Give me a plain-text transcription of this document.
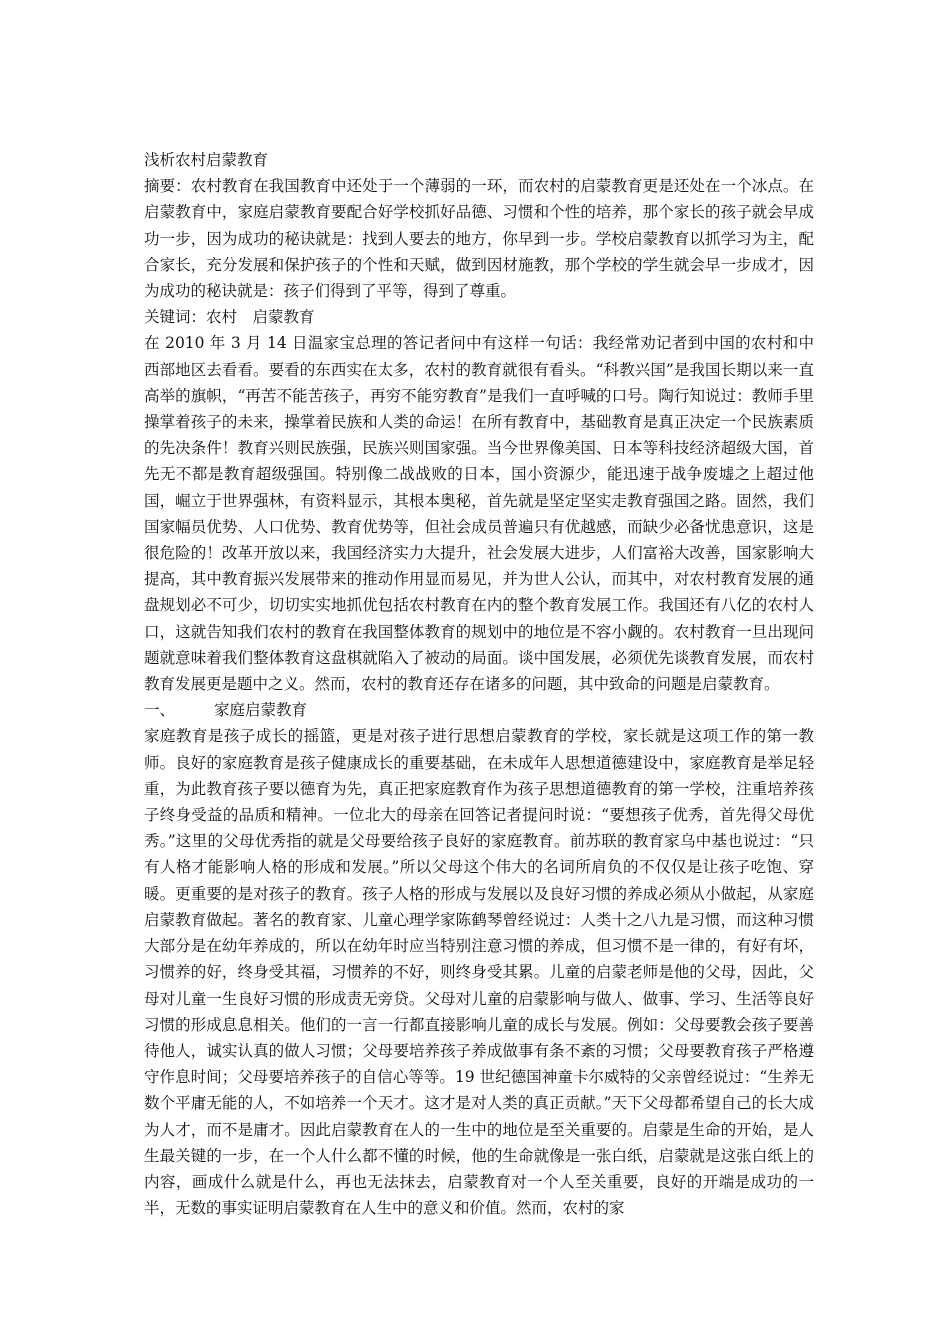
浅析农村启蒙教育

摘要：农村教育在我国教育中还处于一个薄弱的一环，而农村的启蒙教育更是还处在一个冰点。在启蒙教育中，家庭启蒙教育要配合好学校抓好品德、习惯和个性的培养，那个家长的孩子就会早成功一步，因为成功的秘诀就是：找到人要去的地方，你早到一步。学校启蒙教育以抓学习为主，配合家长，充分发展和保护孩子的个性和天赋，做到因材施教，那个学校的学生就会早一步成才，因为成功的秘诀就是：孩子们得到了平等，得到了尊重。

关键词：农村　启蒙教育

在 2010 年 3 月 14 日温家宝总理的答记者问中有这样一句话：我经常劝记者到中国的农村和中西部地区去看看。要看的东西实在太多，农村的教育就很有看头。“科教兴国”是我国长期以来一直高举的旗帜，“再苦不能苦孩子，再穷不能穷教育”是我们一直呼喊的口号。陶行知说过：教师手里操掌着孩子的未来，操掌着民族和人类的命运！在所有教育中，基础教育是真正决定一个民族素质的先决条件！教育兴则民族强，民族兴则国家强。当今世界像美国、日本等科技经济超级大国，首先无不都是教育超级强国。特别像二战战败的日本，国小资源少，能迅速于战争废墟之上超过他国，崛立于世界强林，有资料显示，其根本奥秘，首先就是坚定坚实走教育强国之路。固然，我们国家幅员优势、人口优势、教育优势等，但社会成员普遍只有优越感，而缺少必备忧患意识，这是很危险的！改革开放以来，我国经济实力大提升，社会发展大进步，人们富裕大改善，国家影响大提高，其中教育振兴发展带来的推动作用显而易见，并为世人公认，而其中，对农村教育发展的通盘规划必不可少，切切实实地抓优包括农村教育在内的整个教育发展工作。我国还有八亿的农村人口，这就告知我们农村的教育在我国整体教育的规划中的地位是不容小觑的。农村教育一旦出现问题就意味着我们整体教育这盘棋就陷入了被动的局面。谈中国发展，必须优先谈教育发展，而农村教育发展更是题中之义。然而，农村的教育还存在诸多的问题，其中致命的问题是启蒙教育。

一、	家庭启蒙教育

家庭教育是孩子成长的摇篮，更是对孩子进行思想启蒙教育的学校，家长就是这项工作的第一教师。良好的家庭教育是孩子健康成长的重要基础，在未成年人思想道德建设中，家庭教育是举足轻重，为此教育孩子要以德育为先，真正把家庭教育作为孩子思想道德教育的第一学校，注重培养孩子终身受益的品质和精神。一位北大的母亲在回答记者提问时说：“要想孩子优秀，首先得父母优秀。”这里的父母优秀指的就是父母要给孩子良好的家庭教育。前苏联的教育家乌中基也说过：“只有人格才能影响人格的形成和发展。”所以父母这个伟大的名词所肩负的不仅仅是让孩子吃饱、穿暖。更重要的是对孩子的教育。孩子人格的形成与发展以及良好习惯的养成必须从小做起，从家庭启蒙教育做起。著名的教育家、儿童心理学家陈鹤琴曾经说过：人类十之八九是习惯，而这种习惯大部分是在幼年养成的，所以在幼年时应当特别注意习惯的养成，但习惯不是一律的，有好有坏，习惯养的好，终身受其福，习惯养的不好，则终身受其累。儿童的启蒙老师是他的父母，因此，父母对儿童一生良好习惯的形成责无旁贷。父母对儿童的启蒙影响与做人、做事、学习、生活等良好习惯的形成息息相关。他们的一言一行都直接影响儿童的成长与发展。例如：父母要教会孩子要善待他人，诚实认真的做人习惯；父母要培养孩子养成做事有条不紊的习惯；父母要教育孩子严格遵守作息时间；父母要培养孩子的自信心等等。19 世纪德国神童卡尔威特的父亲曾经说过：“生养无数个平庸无能的人，不如培养一个天才。这才是对人类的真正贡献。”天下父母都希望自己的长大成为人才，而不是庸才。因此启蒙教育在人的一生中的地位是至关重要的。启蒙是生命的开始，是人生最关键的一步，在一个人什么都不懂的时候，他的生命就像是一张白纸，启蒙就是这张白纸上的内容，画成什么就是什么，再也无法抹去，启蒙教育对一个人至关重要，良好的开端是成功的一半，无数的事实证明启蒙教育在人生中的意义和价值。然而，农村的家
